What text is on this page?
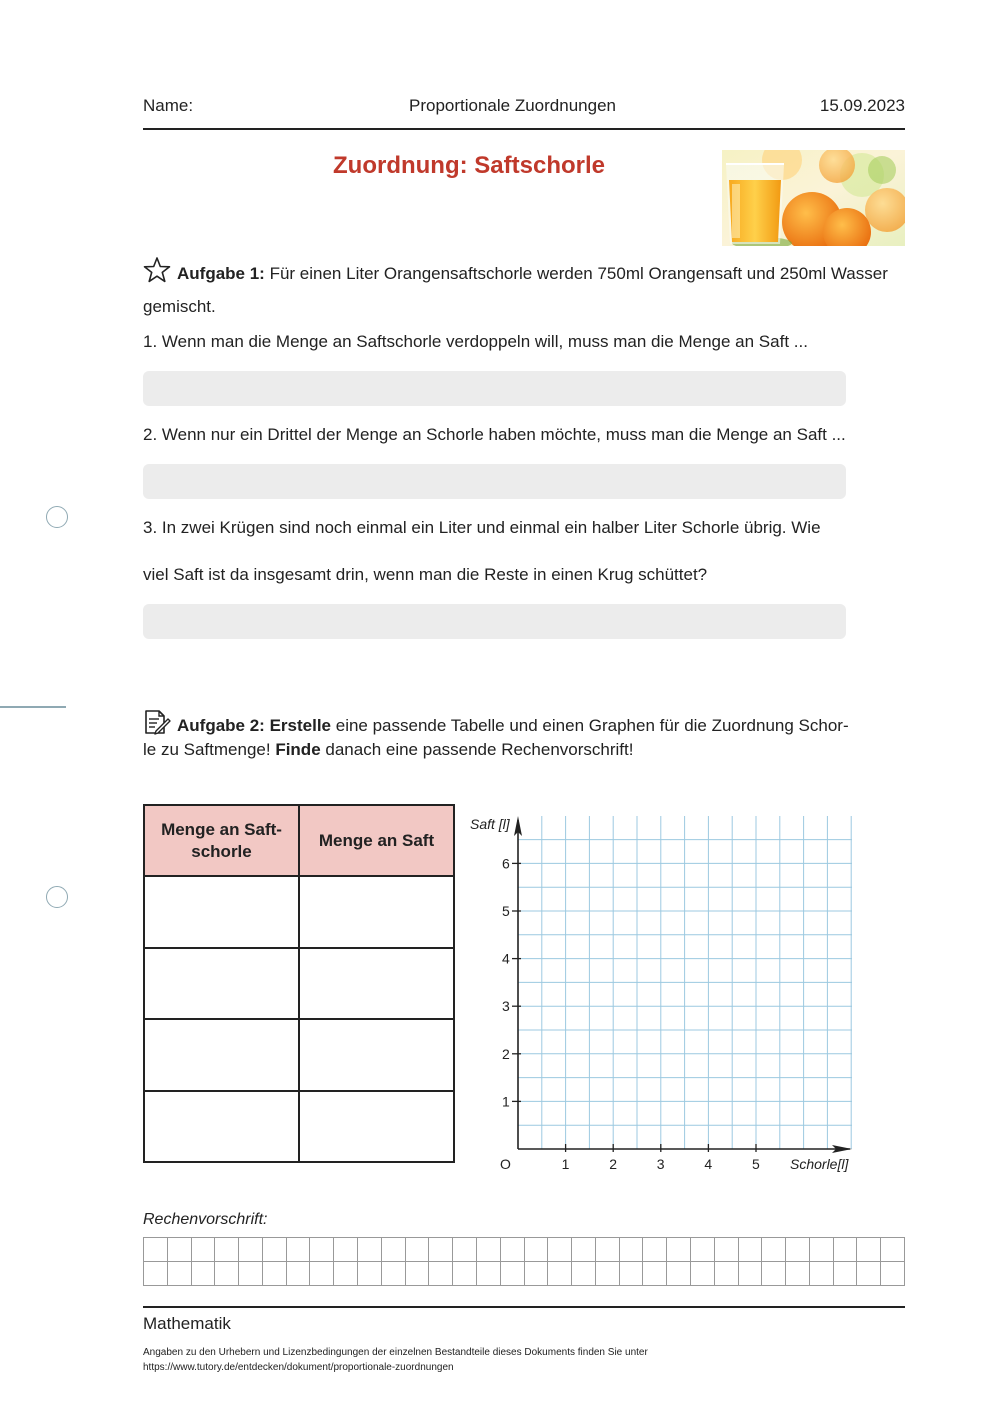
Name:	Proportionale Zuordnungen	15.09.2023
Zuordnung: Saftschorle
Aufgabe 1: Für einen Liter Orangensaftschorle werden 750ml Orangensaft und 250ml Wasser gemischt.
1. Wenn man die Menge an Saftschorle verdoppeln will, muss man die Menge an Saft ...
2. Wenn nur ein Drittel der Menge an Schorle haben möchte, muss man die Menge an Saft ...
3. In zwei Krügen sind noch einmal ein Liter und einmal ein halber Liter Schorle übrig. Wie
viel Saft ist da insgesamt drin, wenn man die Reste in einen Krug schüttet?
Aufgabe 2: Erstelle eine passende Tabelle und einen Graphen für die Zuordnung Schor-
le zu Saftmenge! Finde danach eine passende Rechenvorschrift!
Menge an Saft-
schorle	Menge an Saft

1	2	3	4	5
1
2
3
4
5
6
Saft [l]
Schorle[l]
O
Rechenvorschrift:

Mathematik
Angaben zu den Urhebern und Lizenzbedingungen der einzelnen Bestandteile dieses Dokuments finden Sie unter
https://www.tutory.de/entdecken/dokument/proportionale-zuordnungen
